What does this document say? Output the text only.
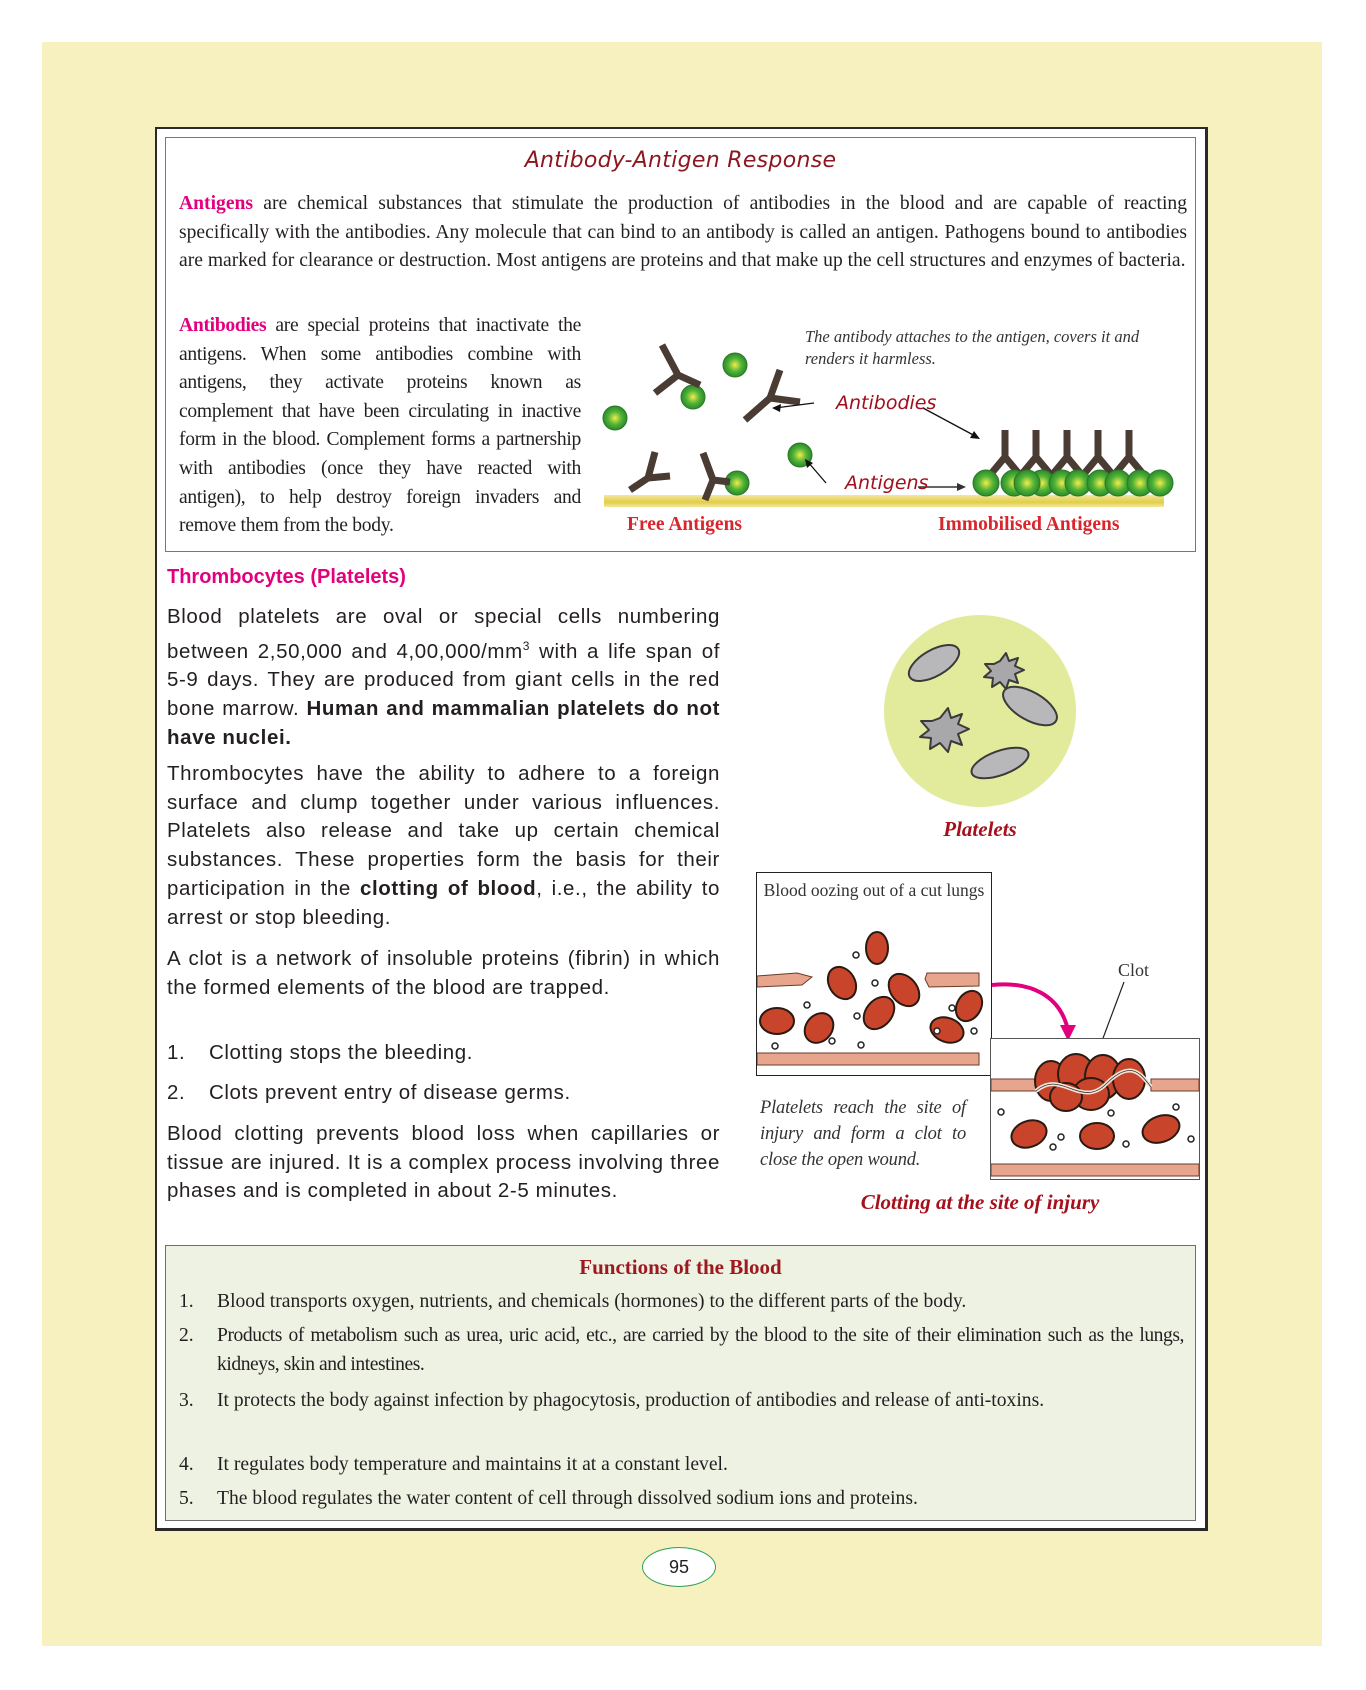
Antibody-Antigen Response
Antigens are chemical substances that stimulate the production of antibodies in the blood and are capable of reacting specifically with the antibodies. Any molecule that can bind to an antibody is called an antigen. Pathogens bound to antibodies are marked for clearance or destruction. Most antigens are proteins and that make up the cell structures and enzymes of bacteria.
Antibodies are special proteins that inactivate the antigens. When some antibodies combine with antigens, they activate proteins known as complement that have been circulating in inactive form in the blood. Complement forms a partnership with antibodies (once they have reacted with antigen), to help destroy foreign invaders and remove them from the body.
The antibody attaches to the antigen, covers it and renders it harmless.
Antibodies
Antigens
Free Antigens	Immobilised Antigens
Thrombocytes (Platelets)

Blood platelets are oval or special cells numbering between 2,50,000 and $4,00,000/mm^3$ with a life span of 5-9 days. They are produced from giant cells in the red bone marrow. Human and mammalian platelets do not have nuclei.

Thrombocytes have the ability to adhere to a foreign surface and clump together under various influences. Platelets also release and take up certain chemical substances. These properties form the basis for their participation in the clotting of blood, i.e., the ability to arrest or stop bleeding.

A clot is a network of insoluble proteins (fibrin) in which the formed elements of the blood are trapped.

1. Clotting stops the bleeding.
2. Clots prevent entry of disease germs.

Blood clotting prevents blood loss when capillaries or tissue are injured. It is a complex process involving three phases and is completed in about 2-5 minutes.

Platelets
Blood oozing out of a cut lungs
Clot
Platelets reach the site of injury and form a clot to close the open wound.
Clotting at the site of injury
Functions of the Blood
1. Blood transports oxygen, nutrients, and chemicals (hormones) to the different parts of the body.
2. Products of metabolism such as urea, uric acid, etc., are carried by the blood to the site of their elimination such as the lungs, kidneys, skin and intestines.
3. It protects the body against infection by phagocytosis, production of antibodies and release of anti-toxins.
4. It regulates body temperature and maintains it at a constant level.
5. The blood regulates the water content of cell through dissolved sodium ions and proteins.
95
